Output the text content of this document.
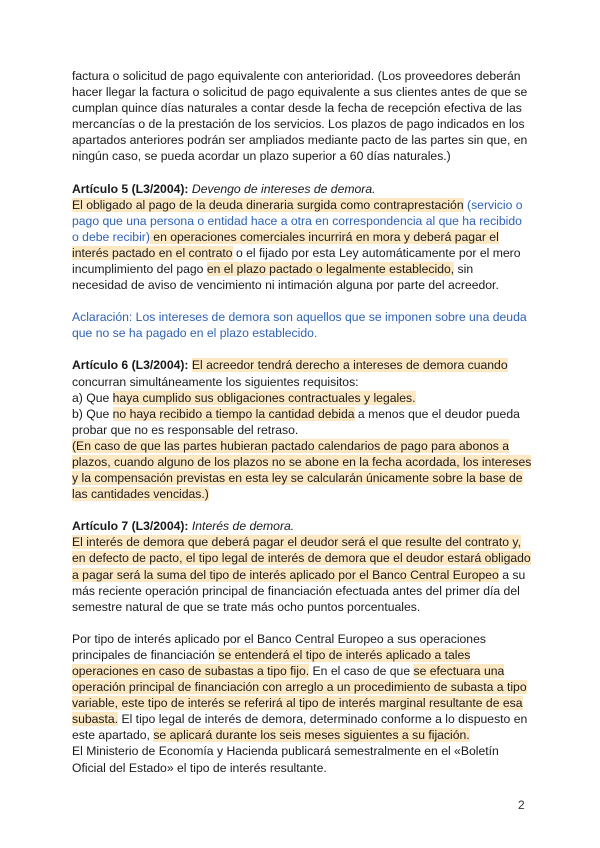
factura o solicitud de pago equivalente con anterioridad. (Los proveedores deberán
hacer llegar la factura o solicitud de pago equivalente a sus clientes antes de que se
cumplan quince días naturales a contar desde la fecha de recepción efectiva de las
mercancías o de la prestación de los servicios. Los plazos de pago indicados en los
apartados anteriores podrán ser ampliados mediante pacto de las partes sin que, en
ningún caso, se pueda acordar un plazo superior a 60 días naturales.)

Artículo 5 (L3/2004): Devengo de intereses de demora.

El obligado al pago de la deuda dineraria surgida como contraprestación (servicio o pago que una persona o entidad hace a otra en correspondencia al que ha recibido o debe recibir) en operaciones comerciales incurrirá en mora y deberá pagar el interés pactado en el contrato o el fijado por esta Ley automáticamente por el mero incumplimiento del pago en el plazo pactado o legalmente establecido, sin necesidad de aviso de vencimiento ni intimación alguna por parte del acreedor.

Aclaración: Los intereses de demora son aquellos que se imponen sobre una deuda que no se ha pagado en el plazo establecido.

Artículo 6 (L3/2004): El acreedor tendrá derecho a intereses de demora cuando concurran simultáneamente los siguientes requisitos:

a) Que haya cumplido sus obligaciones contractuales y legales.

b) Que no haya recibido a tiempo la cantidad debida a menos que el deudor pueda probar que no es responsable del retraso.

(En caso de que las partes hubieran pactado calendarios de pago para abonos a plazos, cuando alguno de los plazos no se abone en la fecha acordada, los intereses y la compensación previstas en esta ley se calcularán únicamente sobre la base de las cantidades vencidas.)

Artículo 7 (L3/2004): Interés de demora.

El interés de demora que deberá pagar el deudor será el que resulte del contrato y, en defecto de pacto, el tipo legal de interés de demora que el deudor estará obligado a pagar será la suma del tipo de interés aplicado por el Banco Central Europeo a su más reciente operación principal de financiación efectuada antes del primer día del semestre natural de que se trate más ocho puntos porcentuales.

Por tipo de interés aplicado por el Banco Central Europeo a sus operaciones principales de financiación se entenderá el tipo de interés aplicado a tales operaciones en caso de subastas a tipo fijo. En el caso de que se efectuara una operación principal de financiación con arreglo a un procedimiento de subasta a tipo variable, este tipo de interés se referirá al tipo de interés marginal resultante de esa subasta. El tipo legal de interés de demora, determinado conforme a lo dispuesto en este apartado, se aplicará durante los seis meses siguientes a su fijación.

El Ministerio de Economía y Hacienda publicará semestralmente en el «Boletín Oficial del Estado» el tipo de interés resultante.

2
